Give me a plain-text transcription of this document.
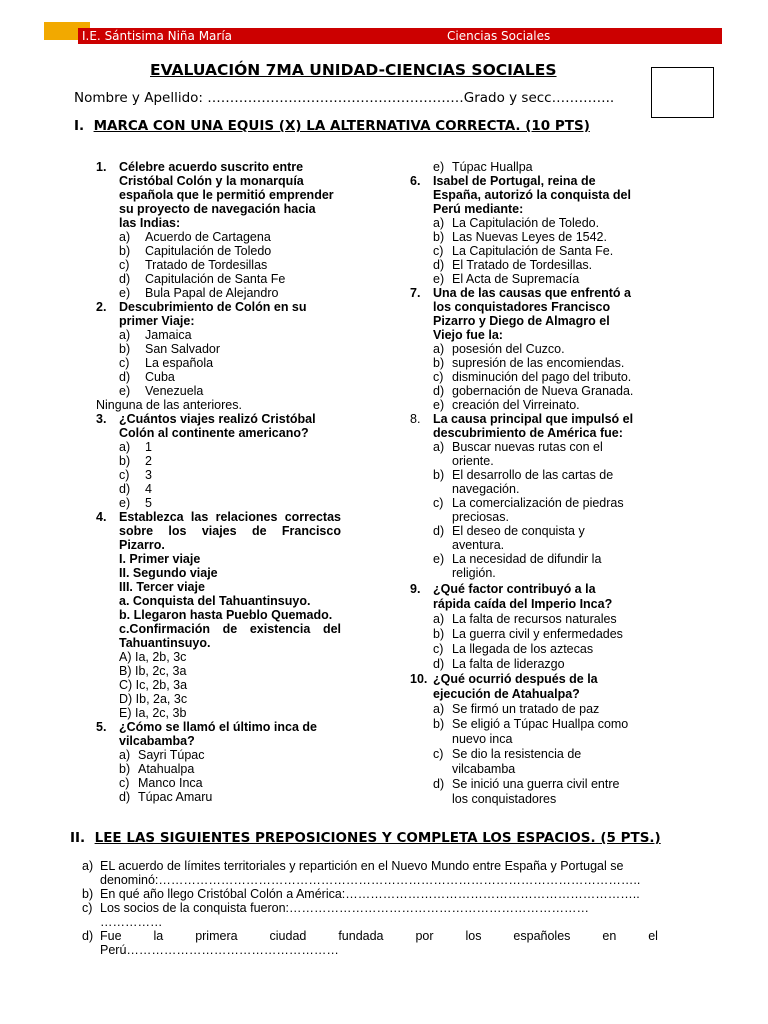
I.E. Sántisima Niña María	Ciencias Sociales
EVALUACIÓN 7MA UNIDAD-CIENCIAS SOCIALES
Nombre y Apellido: …………………………………………………Grado y secc…………..
I. MARCA CON UNA EQUIS (X) LA ALTERNATIVA CORRECTA. (10 PTS)
1.	Célebre acuerdo suscrito entre
Cristóbal Colón y la monarquía
española que le permitió emprender
su proyecto de navegación hacia
las Indias:
a)	Acuerdo de Cartagena
b)	Capitulación de Toledo
c)	Tratado de Tordesillas
d)	Capitulación de Santa Fe
e)	Bula Papal de Alejandro
2.	Descubrimiento de Colón en su
primer Viaje:
a)	Jamaica
b)	San Salvador
c)	La española
d)	Cuba
e)	Venezuela
Ninguna de las anteriores.
3.	¿Cuántos viajes realizó Cristóbal
Colón al continente americano?
a)	1
b)	2
c)	3
d)	4
e)	5
4.	Establezca las relaciones correctas
sobre los viajes de Francisco
Pizarro.
I. Primer viaje
II. Segundo viaje
III. Tercer viaje
a. Conquista del Tahuantinsuyo.
b. Llegaron hasta Pueblo Quemado.
c.Confirmación de existencia del
Tahuantinsuyo.
A) Ia, 2b, 3c
B) Ib, 2c, 3a
C) Ic, 2b, 3a
D) Ib, 2a, 3c
E) Ia, 2c, 3b
5.	¿Cómo se llamó el último inca de
vilcabamba?
a) Sayri Túpac
b) Atahualpa
c) Manco Inca
d) Túpac Amaru
e) Túpac Huallpa
6.	Isabel de Portugal, reina de
España, autorizó la conquista del
Perú mediante:
a) La Capitulación de Toledo.
b) Las Nuevas Leyes de 1542.
c) La Capitulación de Santa Fe.
d) El Tratado de Tordesillas.
e) El Acta de Supremacía
7.	Una de las causas que enfrentó a
los conquistadores Francisco
Pizarro y Diego de Almagro el
Viejo fue la:
a) posesión del Cuzco.
b) supresión de las encomiendas.
c) disminución del pago del tributo.
d) gobernación de Nueva Granada.
e) creación del Virreinato.
8.	La causa principal que impulsó el
descubrimiento de América fue:
a) Buscar nuevas rutas con el
oriente.
b) El desarrollo de las cartas de
navegación.
c) La comercialización de piedras
preciosas.
d) El deseo de conquista y
aventura.
e) La necesidad de difundir la
religión.
9.	¿Qué factor contribuyó a la
rápida caída del Imperio Inca?
a) La falta de recursos naturales
b) La guerra civil y enfermedades
c) La llegada de los aztecas
d) La falta de liderazgo
10. ¿Qué ocurrió después de la
ejecución de Atahualpa?
a) Se firmó un tratado de paz
b) Se eligió a Túpac Huallpa como
nuevo inca
c) Se dio la resistencia de
vilcabamba
d) Se inició una guerra civil entre
los conquistadores
II. LEE LAS SIGUIENTES PREPOSICIONES Y COMPLETA LOS ESPACIOS. (5 PTS.)
a) EL acuerdo de límites territoriales y repartición en el Nuevo Mundo entre España y Portugal se
denominó:……………………………………………………………………………………………………..
b) En qué año llego Cristóbal Colón a América:……………………………………………………………..
c) Los socios de la conquista fueron:………………………………………………………………
……………
d) Fue	la	primera	ciudad	fundada	por	los	españoles	en	el
Perú……………………………………………
